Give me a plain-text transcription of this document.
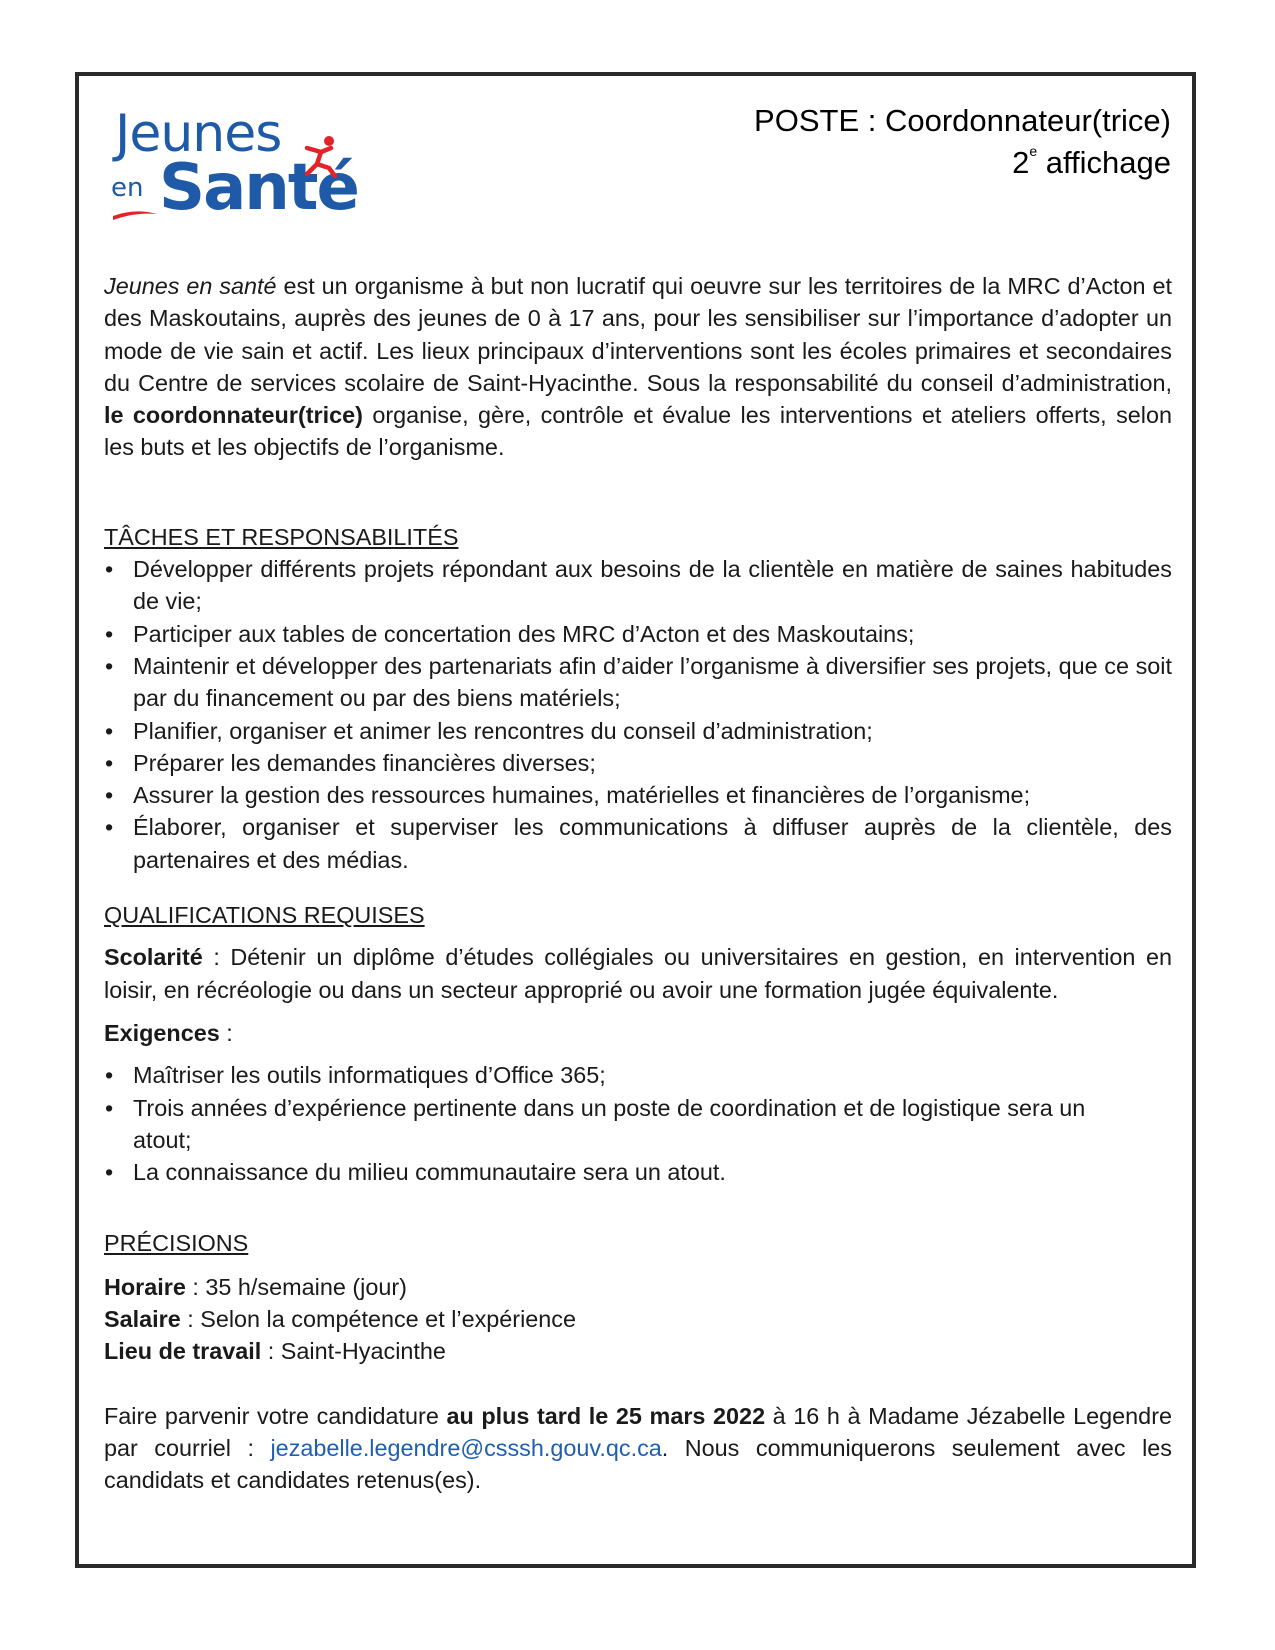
Jeunes
en Santé
POSTE : Coordonnateur(trice)
2e affichage

Jeunes en santé est un organisme à but non lucratif qui oeuvre sur les territoires de la MRC d’Acton et des Maskoutains, auprès des jeunes de 0 à 17 ans, pour les sensibiliser sur l’importance d’adopter un mode de vie sain et actif. Les lieux principaux d’interventions sont les écoles primaires et secondaires du Centre de services scolaire de Saint-Hyacinthe. Sous la responsabilité du conseil d’administration, le coordonnateur(trice) organise, gère, contrôle et évalue les interventions et ateliers offerts, selon les buts et les objectifs de l’organisme.

TÂCHES ET RESPONSABILITÉS

• Développer différents projets répondant aux besoins de la clientèle en matière de saines habitudes de vie;
• Participer aux tables de concertation des MRC d’Acton et des Maskoutains;
• Maintenir et développer des partenariats afin d’aider l’organisme à diversifier ses projets, que ce soit par du financement ou par des biens matériels;
• Planifier, organiser et animer les rencontres du conseil d’administration;
• Préparer les demandes financières diverses;
• Assurer la gestion des ressources humaines, matérielles et financières de l’organisme;
• Élaborer, organiser et superviser les communications à diffuser auprès de la clientèle, des partenaires et des médias.

QUALIFICATIONS REQUISES

Scolarité : Détenir un diplôme d’études collégiales ou universitaires en gestion, en intervention en loisir, en récréologie ou dans un secteur approprié ou avoir une formation jugée équivalente.

Exigences :

• Maîtriser les outils informatiques d’Office 365;
• Trois années d’expérience pertinente dans un poste de coordination et de logistique sera un atout;
• La connaissance du milieu communautaire sera un atout.

PRÉCISIONS

Horaire : 35 h/semaine (jour)

Salaire : Selon la compétence et l’expérience

Lieu de travail : Saint-Hyacinthe

Faire parvenir votre candidature au plus tard le 25 mars 2022 à 16 h à Madame Jézabelle Legendre par courriel : jezabelle.legendre@csssh.gouv.qc.ca. Nous communiquerons seulement avec les candidats et candidates retenus(es).
